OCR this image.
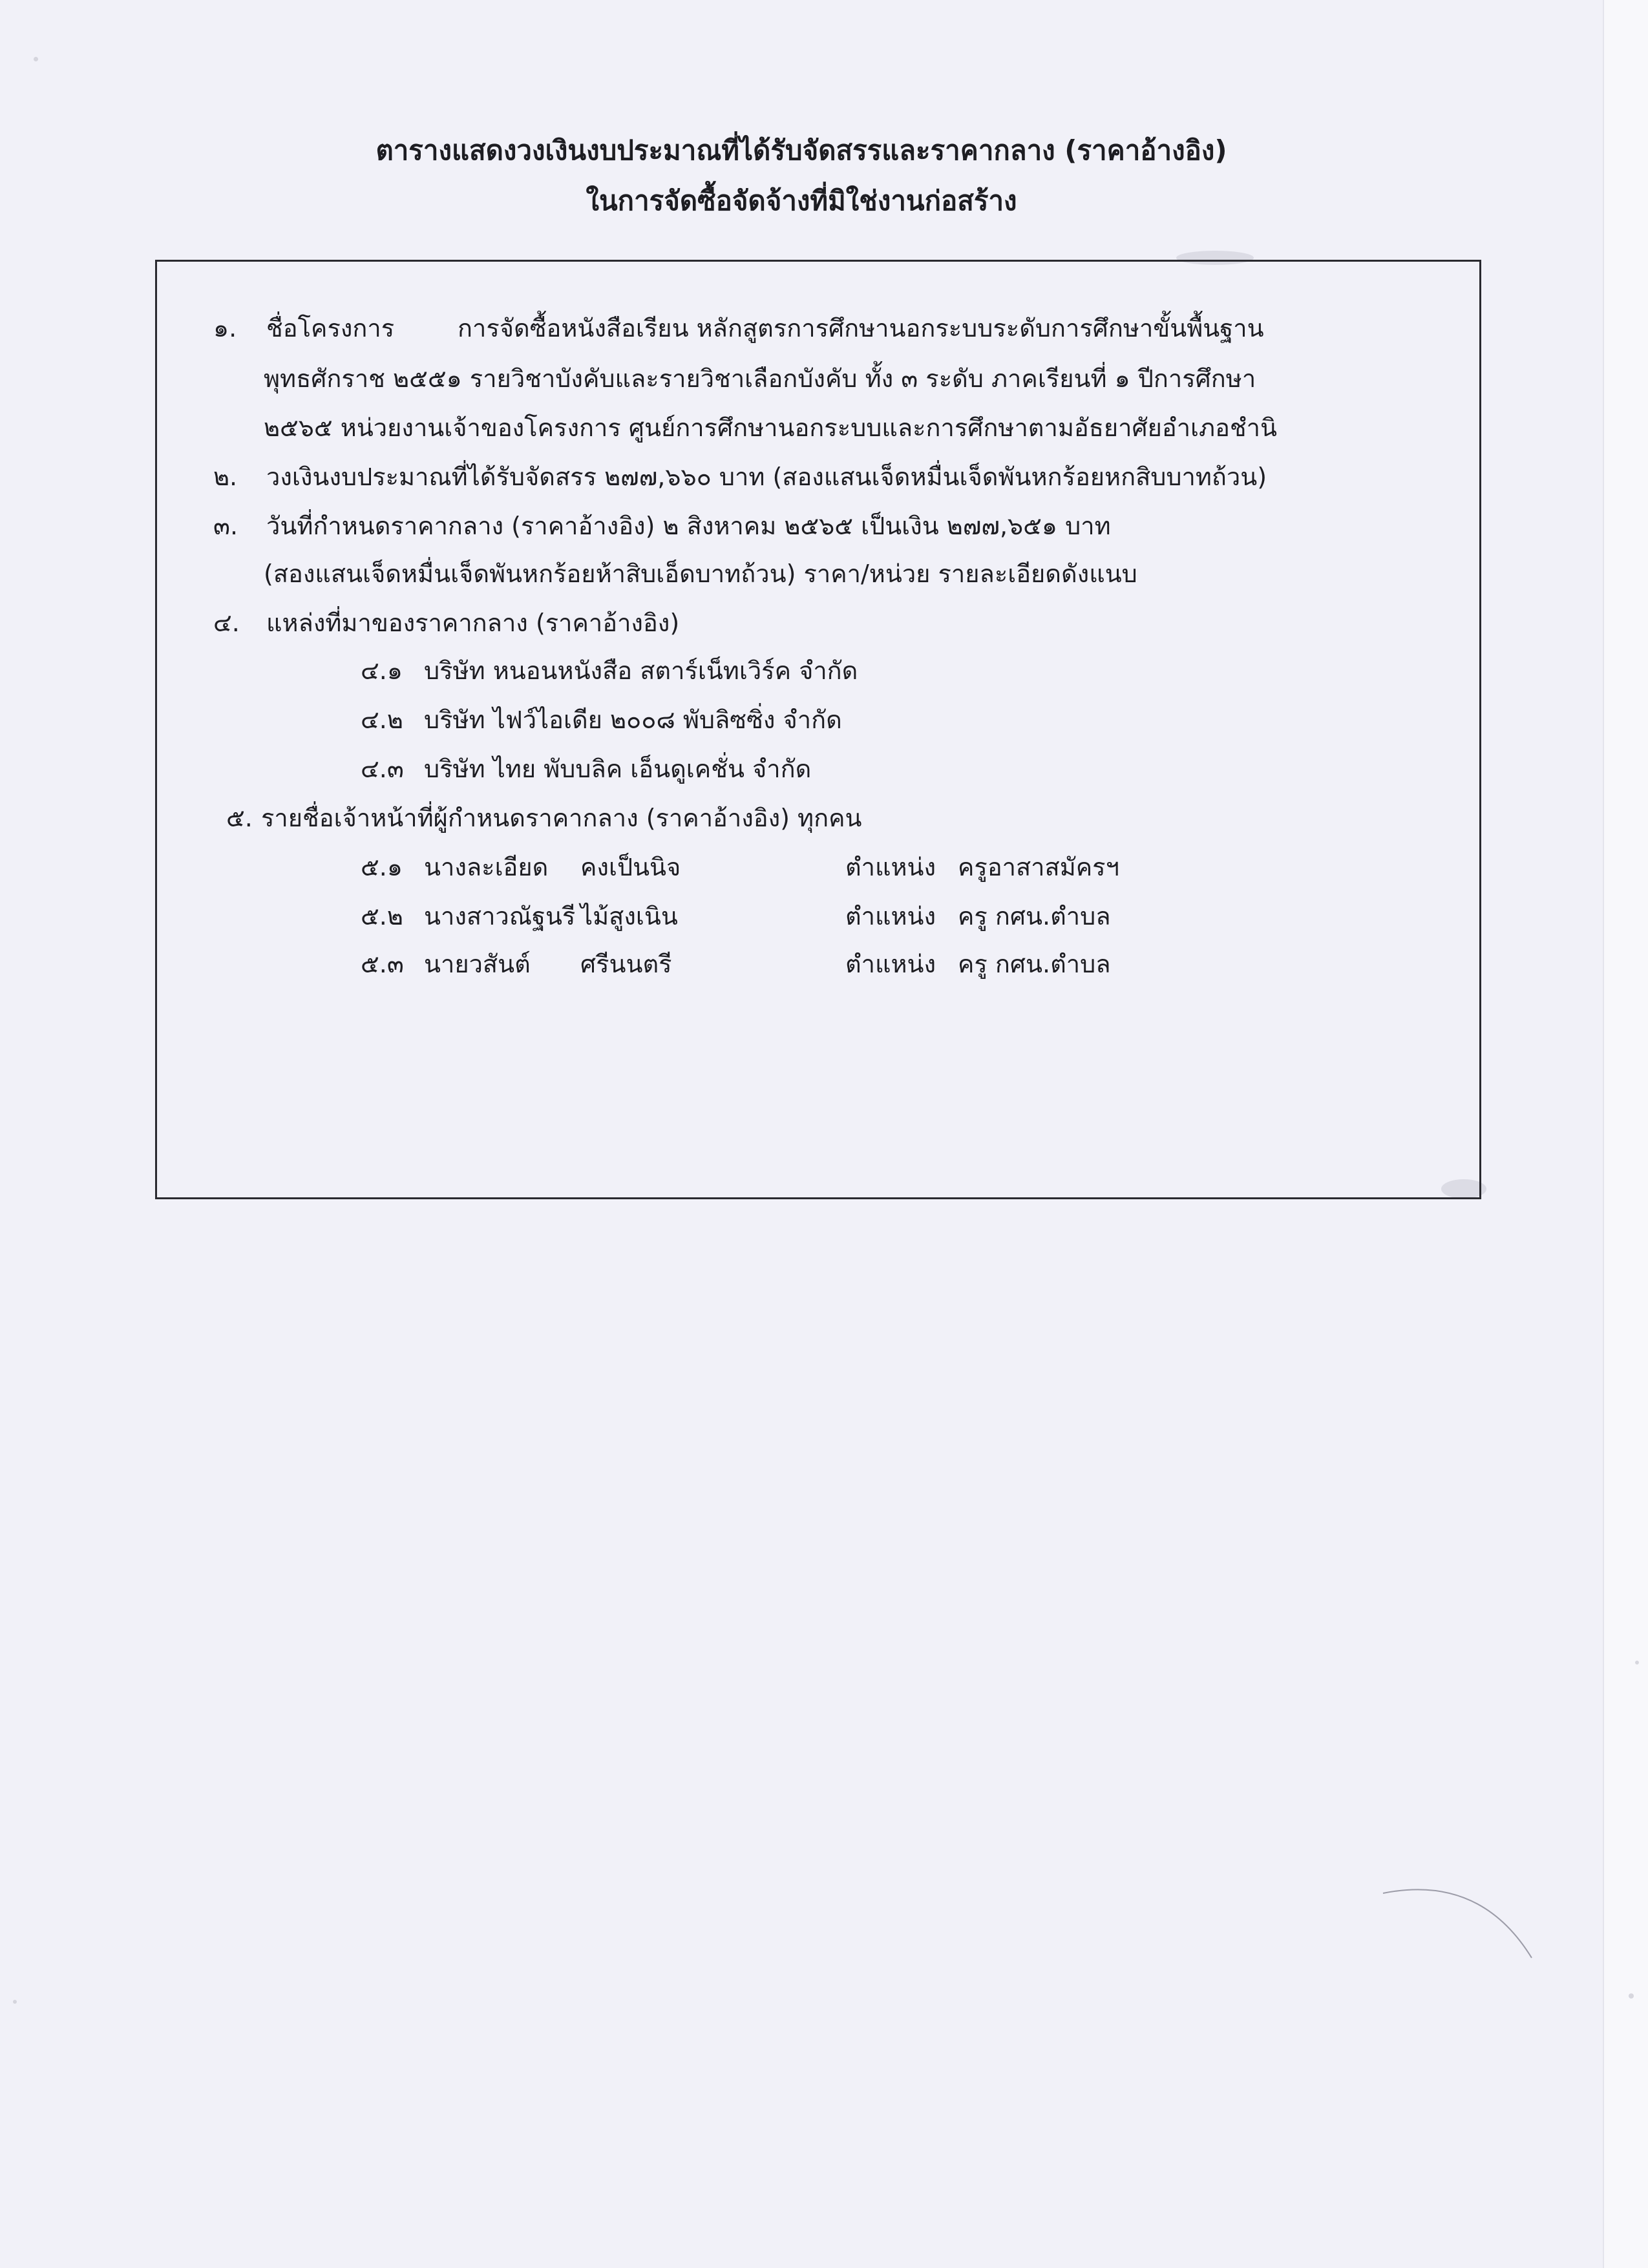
ตารางแสดงวงเงินงบประมาณที่ได้รับจัดสรรและราคากลาง (ราคาอ้างอิง)
ในการจัดซื้อจัดจ้างที่มิใช่งานก่อสร้าง
๑. ชื่อโครงการ	การจัดซื้อหนังสือเรียน หลักสูตรการศึกษานอกระบบระดับการศึกษาขั้นพื้นฐาน
พุทธศักราช ๒๕๕๑ รายวิชาบังคับและรายวิชาเลือกบังคับ ทั้ง ๓ ระดับ ภาคเรียนที่ ๑ ปีการศึกษา
๒๕๖๕ หน่วยงานเจ้าของโครงการ ศูนย์การศึกษานอกระบบและการศึกษาตามอัธยาศัยอำเภอชำนิ
๒. วงเงินงบประมาณที่ได้รับจัดสรร ๒๗๗,๖๖๐ บาท (สองแสนเจ็ดหมื่นเจ็ดพันหกร้อยหกสิบบาทถ้วน)
๓. วันที่กำหนดราคากลาง (ราคาอ้างอิง) ๒ สิงหาคม ๒๕๖๕ เป็นเงิน ๒๗๗,๖๕๑ บาท
(สองแสนเจ็ดหมื่นเจ็ดพันหกร้อยห้าสิบเอ็ดบาทถ้วน) ราคา/หน่วย รายละเอียดดังแนบ
๔. แหล่งที่มาของราคากลาง (ราคาอ้างอิง)
๔.๑ บริษัท หนอนหนังสือ สตาร์เน็ทเวิร์ค จำกัด
๔.๒ บริษัท ไฟว์ไอเดีย ๒๐๐๘ พับลิซซิ่ง จำกัด
๔.๓ บริษัท ไทย พับบลิค เอ็นดูเคชั่น จำกัด
๕. รายชื่อเจ้าหน้าที่ผู้กำหนดราคากลาง (ราคาอ้างอิง) ทุกคน
๕.๑ นางละเอียด คงเป็นนิจ	ตำแหน่ง ครูอาสาสมัครฯ
๕.๒ นางสาวณัฐนรี ไม้สูงเนิน	ตำแหน่ง ครู กศน.ตำบล
๕.๓ นายวสันต์ ศรีนนตรี	ตำแหน่ง ครู กศน.ตำบล
